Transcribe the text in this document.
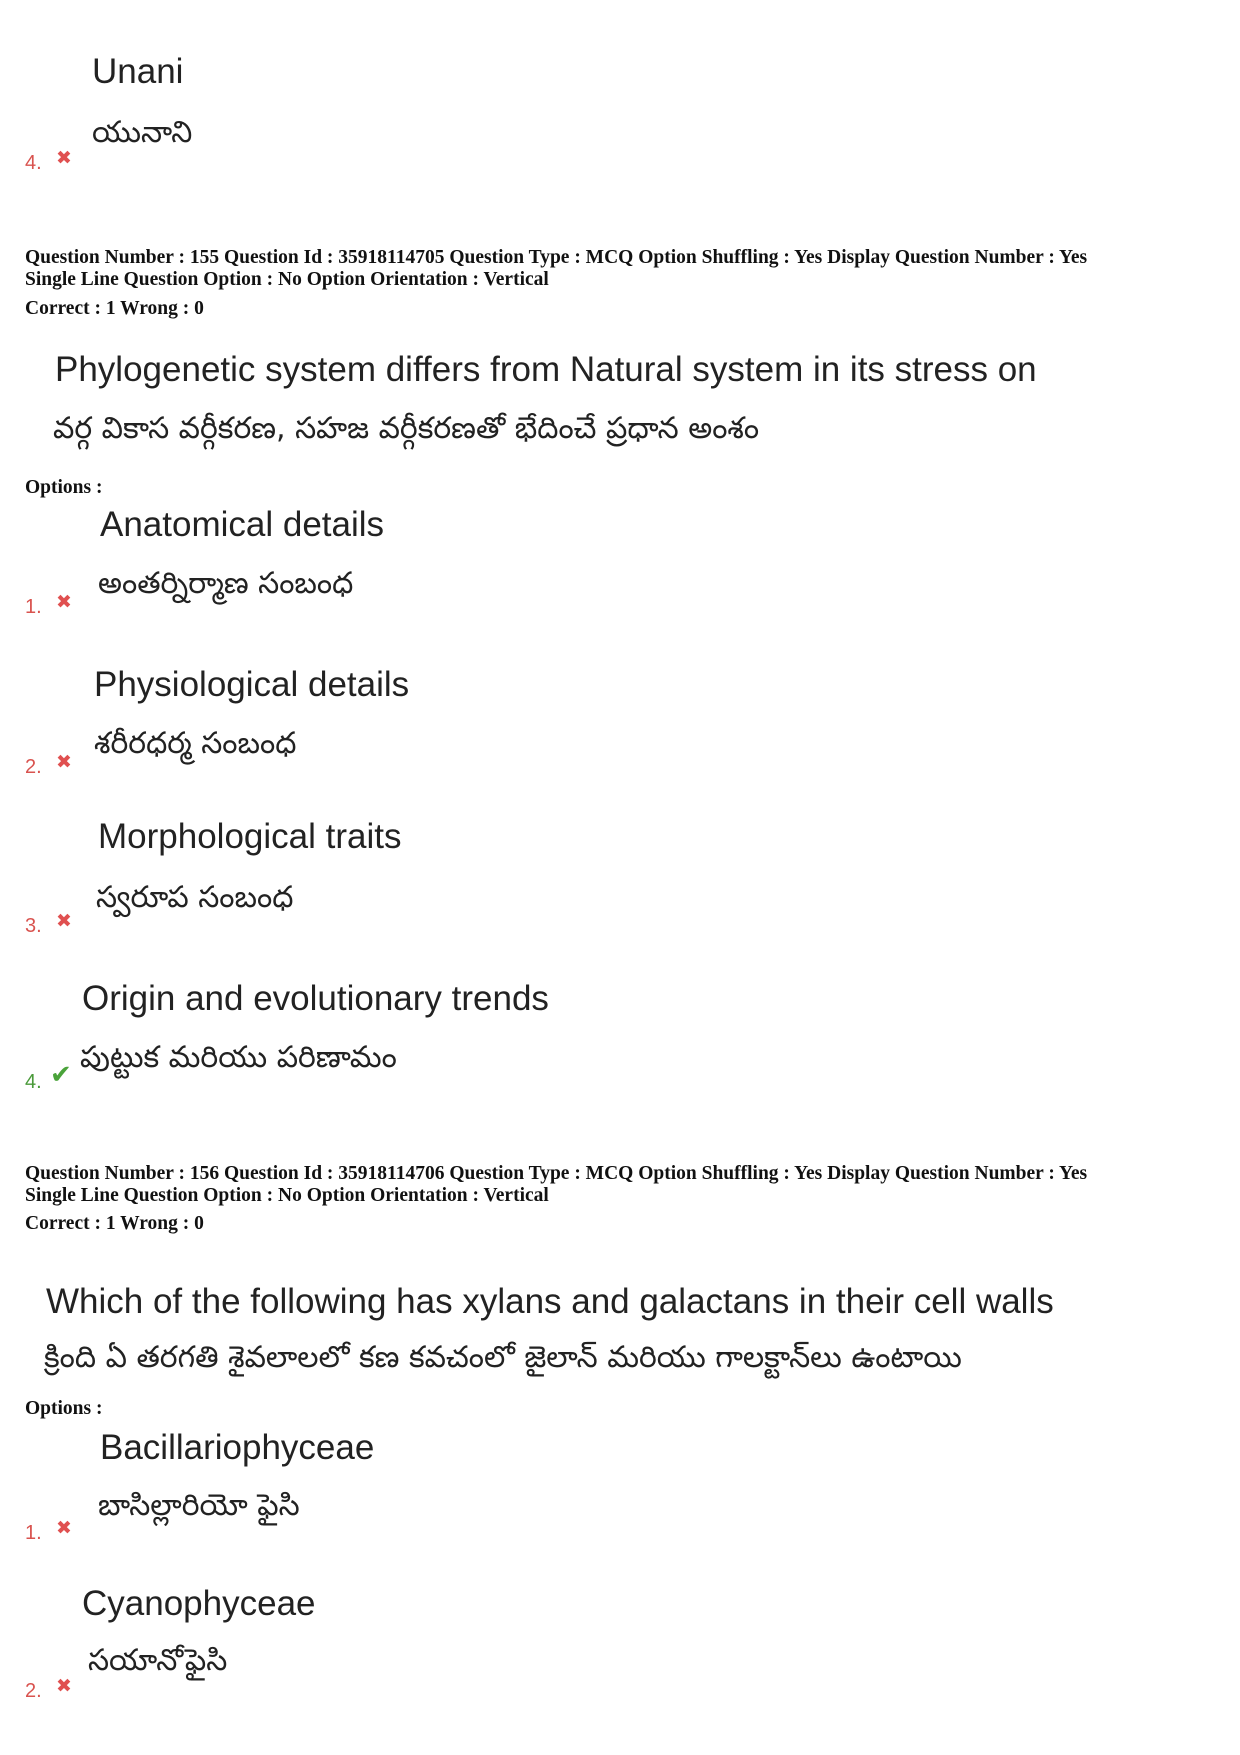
Unani
యునాని
4. ✖
Question Number : 155 Question Id : 35918114705 Question Type : MCQ Option Shuffling : Yes Display Question Number : Yes
Single Line Question Option : No Option Orientation : Vertical
Correct : 1 Wrong : 0
Phylogenetic system differs from Natural system in its stress on
వర్గ వికాస వర్గీకరణ, సహజ వర్గీకరణతో భేదించే ప్రధాన అంశం
Options :
Anatomical details
అంతర్నిర్మాణ సంబంధ
1. ✖
Physiological details
శరీరధర్మ సంబంధ
2. ✖
Morphological traits
స్వరూప సంబంధ
3. ✖
Origin and evolutionary trends
పుట్టుక మరియు పరిణామం
4. ✔
Question Number : 156 Question Id : 35918114706 Question Type : MCQ Option Shuffling : Yes Display Question Number : Yes
Single Line Question Option : No Option Orientation : Vertical
Correct : 1 Wrong : 0
Which of the following has xylans and galactans in their cell walls
క్రింది ఏ తరగతి శైవలాలలో కణ కవచంలో జైలాన్ మరియు గాలక్టాన్‌లు ఉంటాయి
Options :
Bacillariophyceae
బాసిల్లారియో ఫైసి
1. ✖
Cyanophyceae
సయానోఫైసి
2. ✖
